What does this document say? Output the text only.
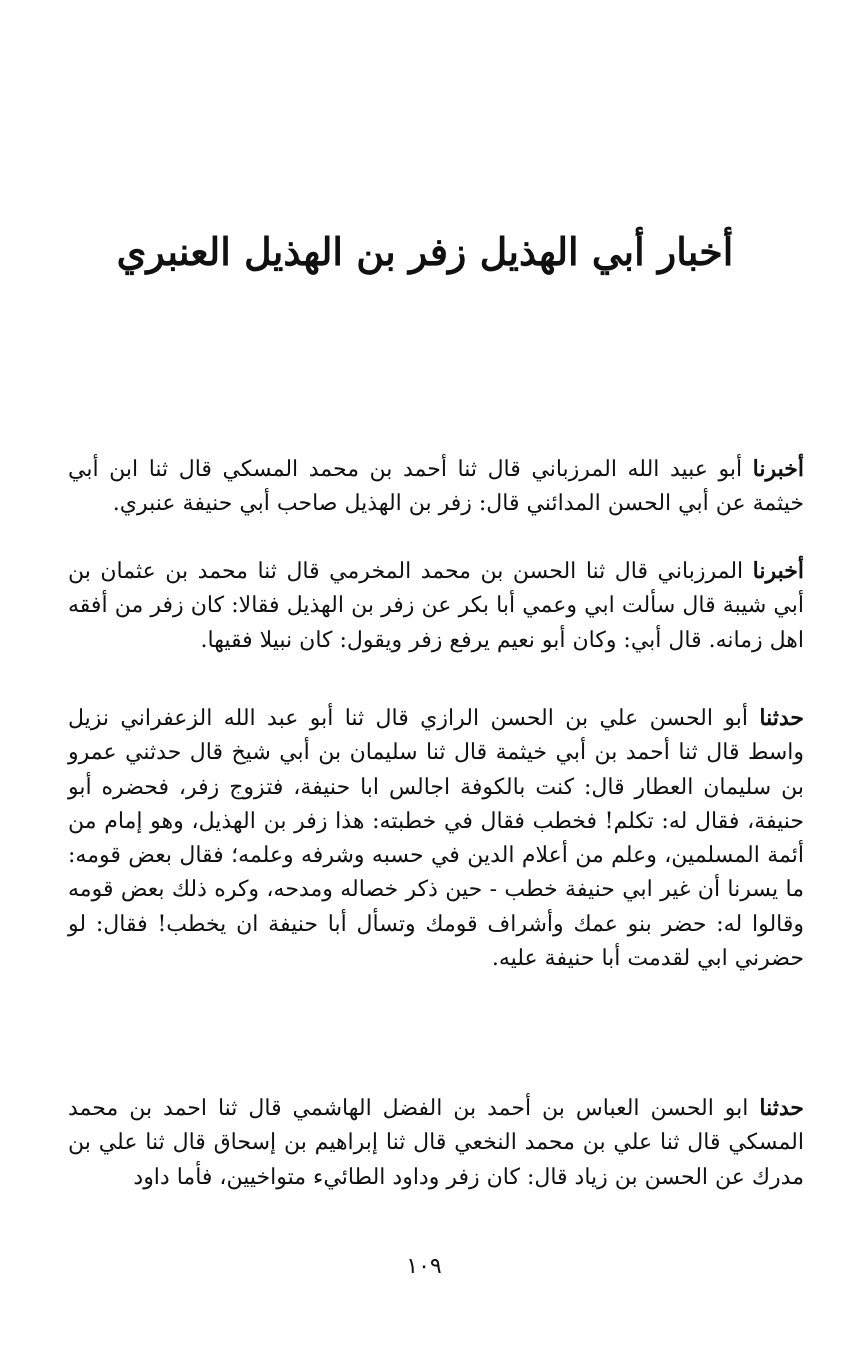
أخبار أبي الهذيل زفر بن الهذيل العنبري

أخبرنا أبو عبيد الله المرزباني قال ثنا أحمد بن محمد المسكي قال ثنا ابن أبي خيثمة عن أبي الحسن المدائني قال: زفر بن الهذيل صاحب أبي حنيفة عنبري.

أخبرنا المرزباني قال ثنا الحسن بن محمد المخرمي قال ثنا محمد بن عثمان بن أبي شيبة قال سألت ابي وعمي أبا بكر عن زفر بن الهذيل فقالا: كان زفر من أفقه اهل زمانه. قال أبي: وكان أبو نعيم يرفع زفر ويقول: كان نبيلا فقيها.

حدثنا أبو الحسن علي بن الحسن الرازي قال ثنا أبو عبد الله الزعفراني نزيل واسط قال ثنا أحمد بن أبي خيثمة قال ثنا سليمان بن أبي شيخ قال حدثني عمرو بن سليمان العطار قال: كنت بالكوفة اجالس ابا حنيفة، فتزوج زفر، فحضره أبو حنيفة، فقال له: تكلم! فخطب فقال في خطبته: هذا زفر بن الهذيل، وهو إمام من أئمة المسلمين، وعلم من أعلام الدين في حسبه وشرفه وعلمه؛ فقال بعض قومه: ما يسرنا أن غير ابي حنيفة خطب - حين ذكر خصاله ومدحه، وكره ذلك بعض قومه وقالوا له: حضر بنو عمك وأشراف قومك وتسأل أبا حنيفة ان يخطب! فقال: لو حضرني ابي لقدمت أبا حنيفة عليه.

حدثنا ابو الحسن العباس بن أحمد بن الفضل الهاشمي قال ثنا احمد بن محمد المسكي قال ثنا علي بن محمد النخعي قال ثنا إبراهيم بن إسحاق قال ثنا علي بن مدرك عن الحسن بن زياد قال: كان زفر وداود الطائيء متواخيين، فأما داود

١٠٩
